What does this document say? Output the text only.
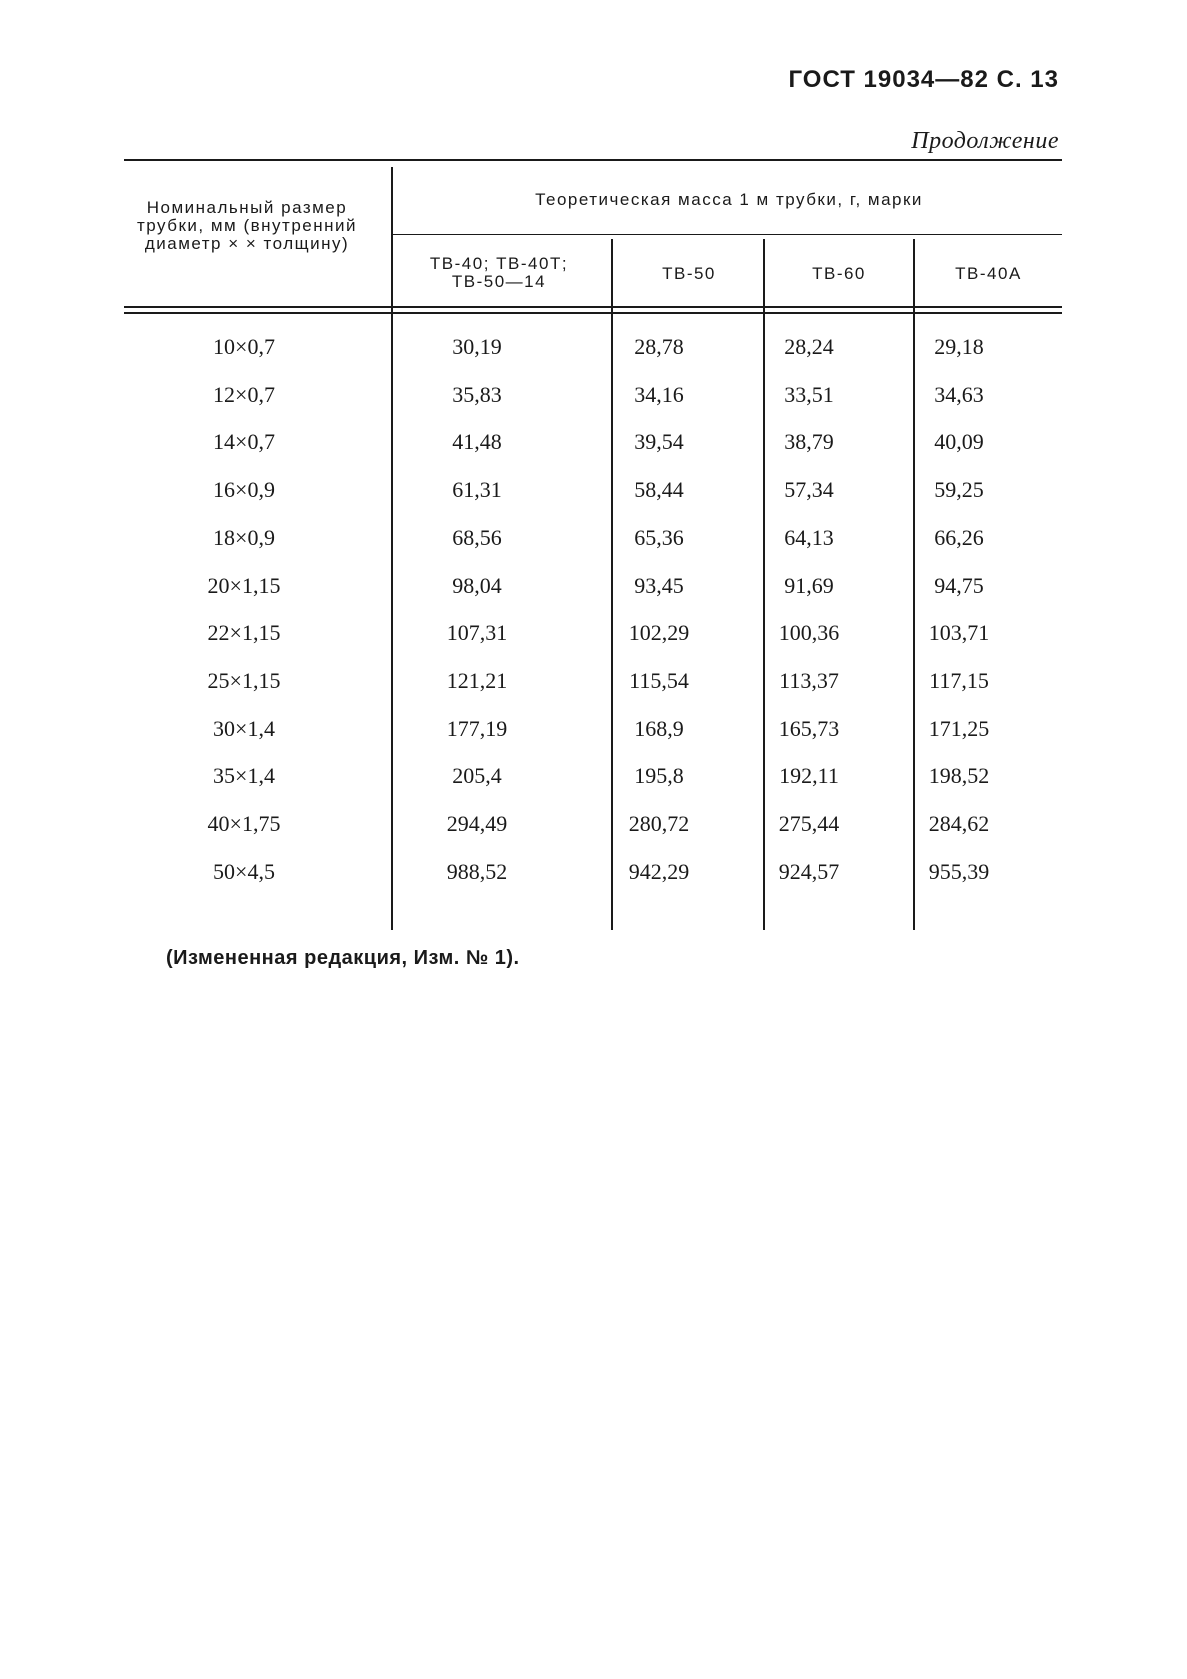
ГОСТ 19034—82 С. 13
Продолжение
Номинальный размер трубки, мм (внутренний диаметр × × толщину)
Теоретическая масса 1 м трубки, г, марки
ТВ-40; ТВ-40Т; ТВ-50—14	ТВ-50	ТВ-60	ТВ-40А
10×0,7	30,19	28,78	28,24	29,18
12×0,7	35,83	34,16	33,51	34,63
14×0,7	41,48	39,54	38,79	40,09
16×0,9	61,31	58,44	57,34	59,25
18×0,9	68,56	65,36	64,13	66,26
20×1,15	98,04	93,45	91,69	94,75
22×1,15	107,31	102,29	100,36	103,71
25×1,15	121,21	115,54	113,37	117,15
30×1,4	177,19	168,9	165,73	171,25
35×1,4	205,4	195,8	192,11	198,52
40×1,75	294,49	280,72	275,44	284,62
50×4,5	988,52	942,29	924,57	955,39
(Измененная редакция, Изм. № 1).
